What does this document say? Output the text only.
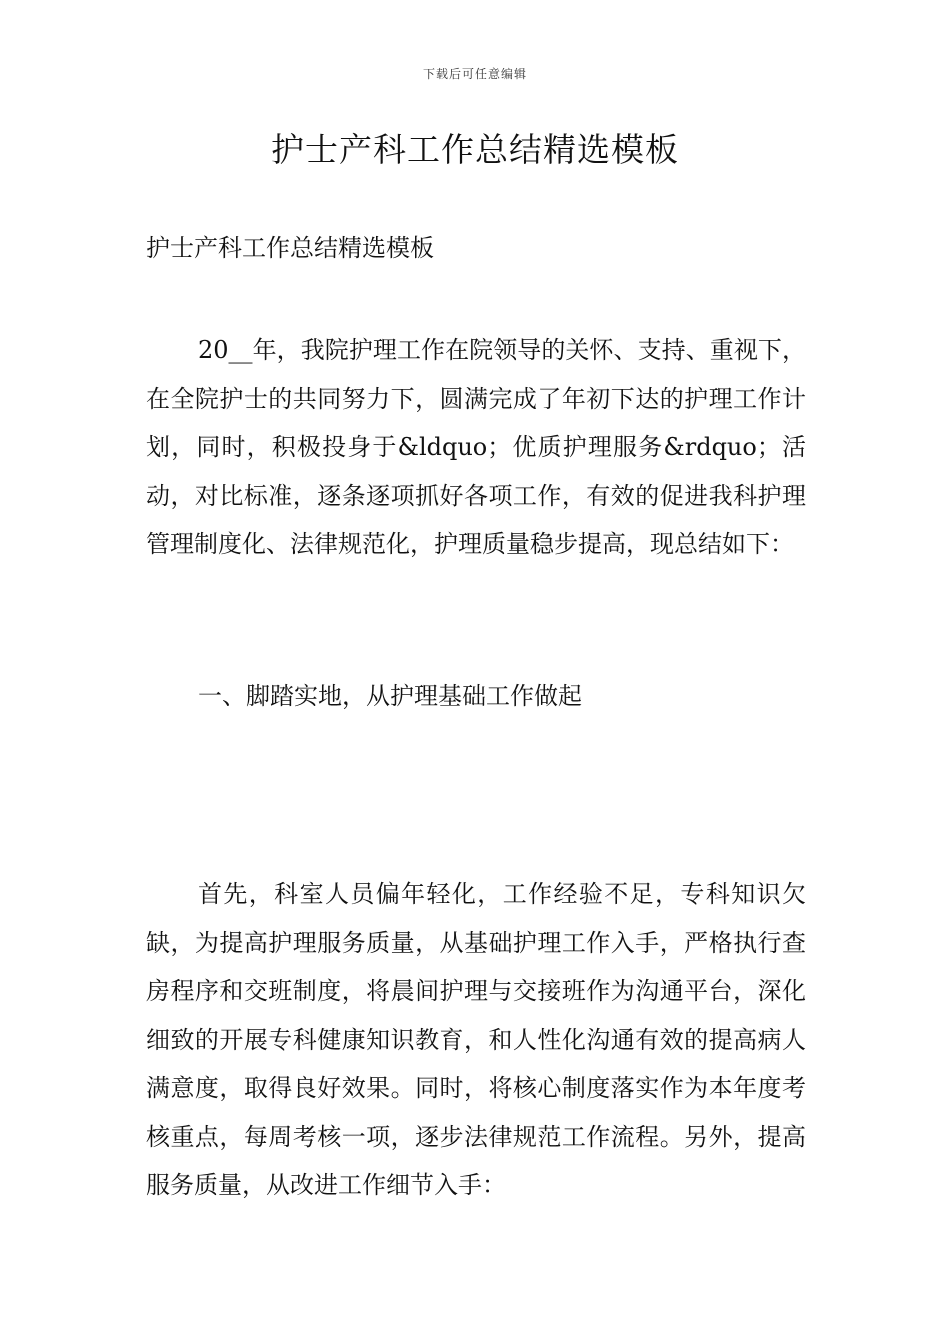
下载后可任意编辑
护士产科工作总结精选模板

护士产科工作总结精选模板

20__年，我院护理工作在院领导的关怀、支持、重视下，在全院护士的共同努力下，圆满完成了年初下达的护理工作计划，同时，积极投身于&ldquo；优质护理服务&rdquo；活动，对比标准，逐条逐项抓好各项工作，有效的促进我科护理管理制度化、法律规范化，护理质量稳步提高，现总结如下：

一、脚踏实地，从护理基础工作做起

首先，科室人员偏年轻化，工作经验不足，专科知识欠缺，为提高护理服务质量，从基础护理工作入手，严格执行查房程序和交班制度，将晨间护理与交接班作为沟通平台，深化细致的开展专科健康知识教育，和人性化沟通有效的提高病人满意度，取得良好效果。同时，将核心制度落实作为本年度考核重点，每周考核一项，逐步法律规范工作流程。另外，提高服务质量，从改进工作细节入手：
